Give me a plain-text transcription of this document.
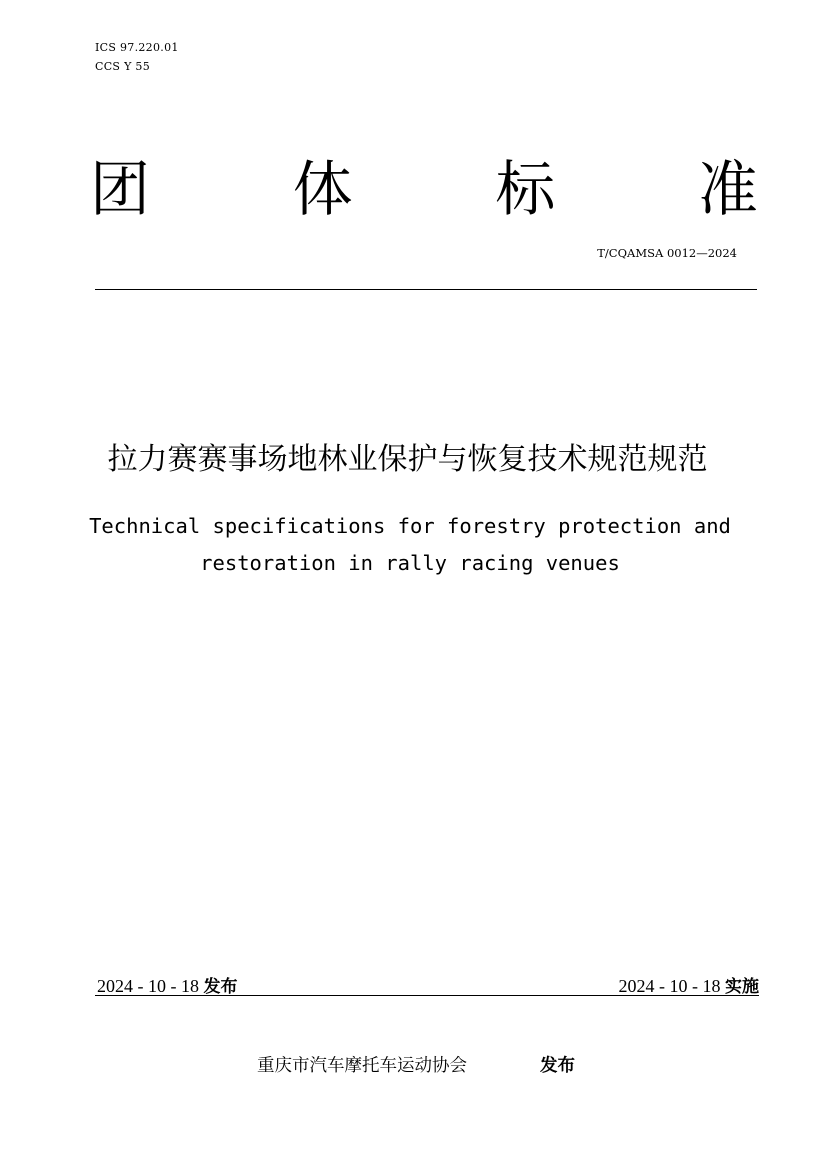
ICS 97.220.01
CCS Y 55
团 体 标 准
T/CQAMSA 0012—2024
拉力赛赛事场地林业保护与恢复技术规范规范
Technical specifications for forestry protection and
restoration in rally racing venues
2024 - 10 - 18 发布	2024 - 10 - 18 实施
重庆市汽车摩托车运动协会	发布
